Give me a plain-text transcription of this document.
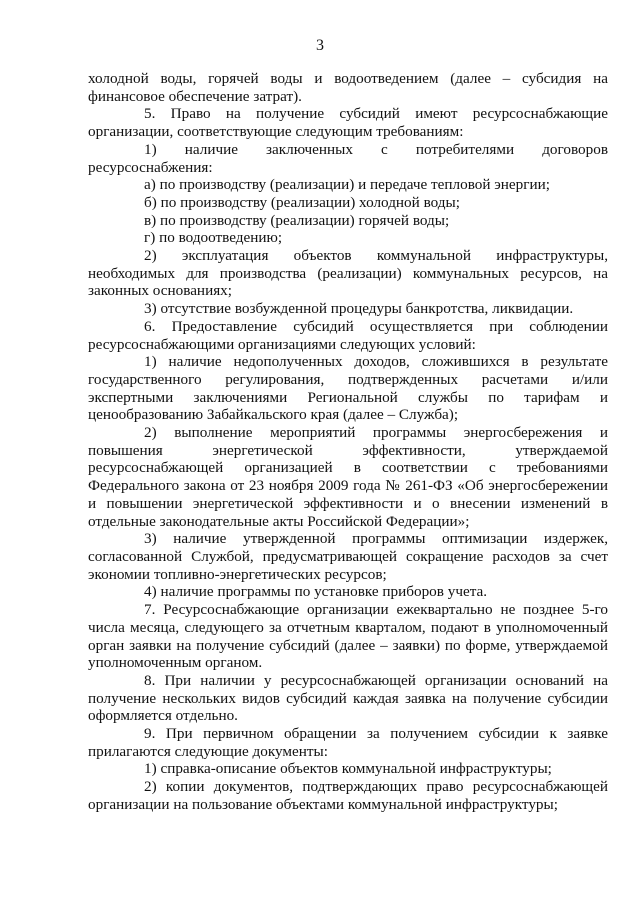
3

холодной воды, горячей воды и водоотведением (далее – субсидия на финансовое обеспечение затрат).

5. Право на получение субсидий имеют ресурсоснабжающие организации, соответствующие следующим требованиям:

1) наличие заключенных с потребителями договоров ресурсоснабжения:

а) по производству (реализации) и передаче тепловой энергии;

б) по производству (реализации) холодной воды;

в) по производству (реализации) горячей воды;

г) по водоотведению;

2) эксплуатация объектов коммунальной инфраструктуры, необходимых для производства (реализации) коммунальных ресурсов, на законных основаниях;

3) отсутствие возбужденной процедуры банкротства, ликвидации.

6. Предоставление субсидий осуществляется при соблюдении ресурсоснабжающими организациями следующих условий:

1) наличие недополученных доходов, сложившихся в результате государственного регулирования, подтвержденных расчетами и/или экспертными заключениями Региональной службы по тарифам и ценообразованию Забайкальского края (далее – Служба);

2) выполнение мероприятий программы энергосбережения и повышения энергетической эффективности, утверждаемой ресурсоснабжающей организацией в соответствии с требованиями Федерального закона от 23 ноября 2009 года № 261-ФЗ «Об энергосбережении и повышении энергетической эффективности и о внесении изменений в отдельные законодательные акты Российской Федерации»;

3) наличие утвержденной программы оптимизации издержек, согласованной Службой, предусматривающей сокращение расходов за счет экономии топливно-энергетических ресурсов;

4) наличие программы по установке приборов учета.

7. Ресурсоснабжающие организации ежеквартально не позднее 5-го числа месяца, следующего за отчетным кварталом, подают в уполномоченный орган заявки на получение субсидий (далее – заявки) по форме, утверждаемой уполномоченным органом.

8. При наличии у ресурсоснабжающей организации оснований на получение нескольких видов субсидий каждая заявка на получение субсидии оформляется отдельно.

9. При первичном обращении за получением субсидии к заявке прилагаются следующие документы:

1) справка-описание объектов коммунальной инфраструктуры;

2) копии документов, подтверждающих право ресурсоснабжающей организации на пользование объектами коммунальной инфраструктуры;
